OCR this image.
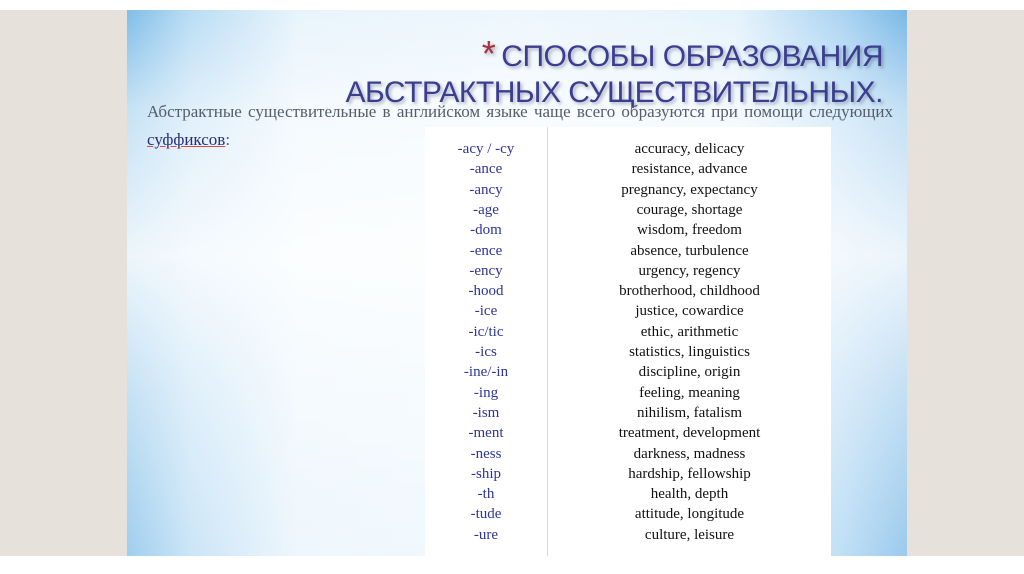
* СПОСОБЫ ОБРАЗОВАНИЯ АБСТРАКТНЫХ СУЩЕСТВИТЕЛЬНЫХ.
Абстрактные существительные в английском языке чаще всего образуются при помощи следующих суффиксов:	-acy / -cy	accuracy, delicacy
-ance	resistance, advance
-ancy	pregnancy, expectancy
-age	courage, shortage
-dom	wisdom, freedom
-ence	absence, turbulence
-ency	urgency, regency
-hood	brotherhood, childhood
-ice	justice, cowardice
-ic/tic	ethic, arithmetic
-ics	statistics, linguistics
-ine/-in	discipline, origin
-ing	feeling, meaning
-ism	nihilism, fatalism
-ment	treatment, development
-ness	darkness, madness
-ship	hardship, fellowship
-th	health, depth
-tude	attitude, longitude
-ure	culture, leisure
